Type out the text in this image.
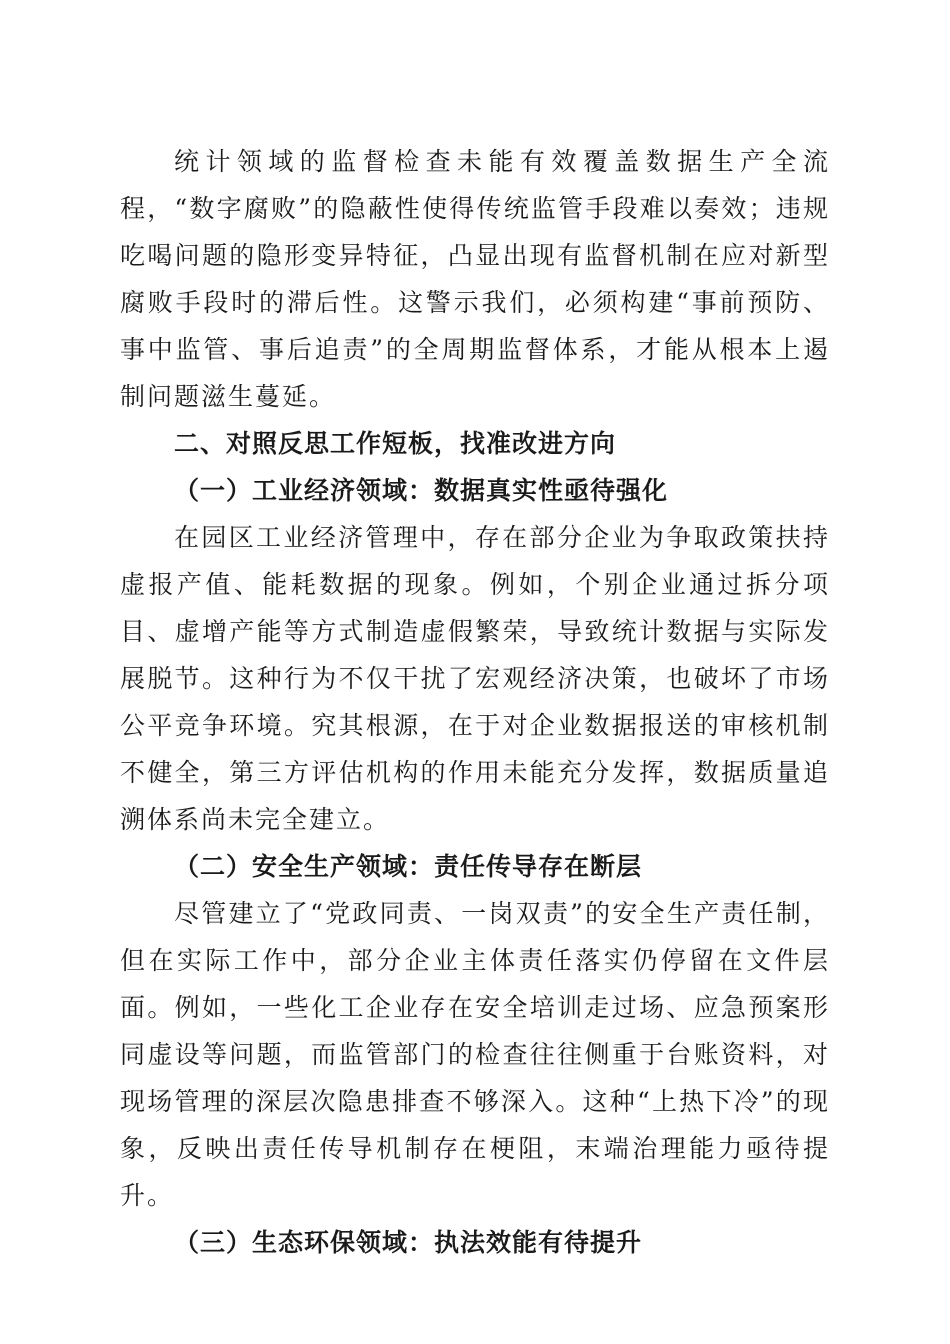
统计领域的监督检查未能有效覆盖数据生产全流程，“数字腐败”的隐蔽性使得传统监管手段难以奏效；违规吃喝问题的隐形变异特征，凸显出现有监督机制在应对新型腐败手段时的滞后性。这警示我们，必须构建“事前预防、事中监管、事后追责”的全周期监督体系，才能从根本上遏制问题滋生蔓延。

二、对照反思工作短板，找准改进方向

（一）工业经济领域：数据真实性亟待强化

在园区工业经济管理中，存在部分企业为争取政策扶持虚报产值、能耗数据的现象。例如，个别企业通过拆分项目、虚增产能等方式制造虚假繁荣，导致统计数据与实际发展脱节。这种行为不仅干扰了宏观经济决策，也破坏了市场公平竞争环境。究其根源，在于对企业数据报送的审核机制不健全，第三方评估机构的作用未能充分发挥，数据质量追溯体系尚未完全建立。

（二）安全生产领域：责任传导存在断层

尽管建立了“党政同责、一岗双责”的安全生产责任制，但在实际工作中，部分企业主体责任落实仍停留在文件层面。例如，一些化工企业存在安全培训走过场、应急预案形同虚设等问题，而监管部门的检查往往侧重于台账资料，对现场管理的深层次隐患排查不够深入。这种“上热下冷”的现象，反映出责任传导机制存在梗阻，末端治理能力亟待提升。

（三）生态环保领域：执法效能有待提升
